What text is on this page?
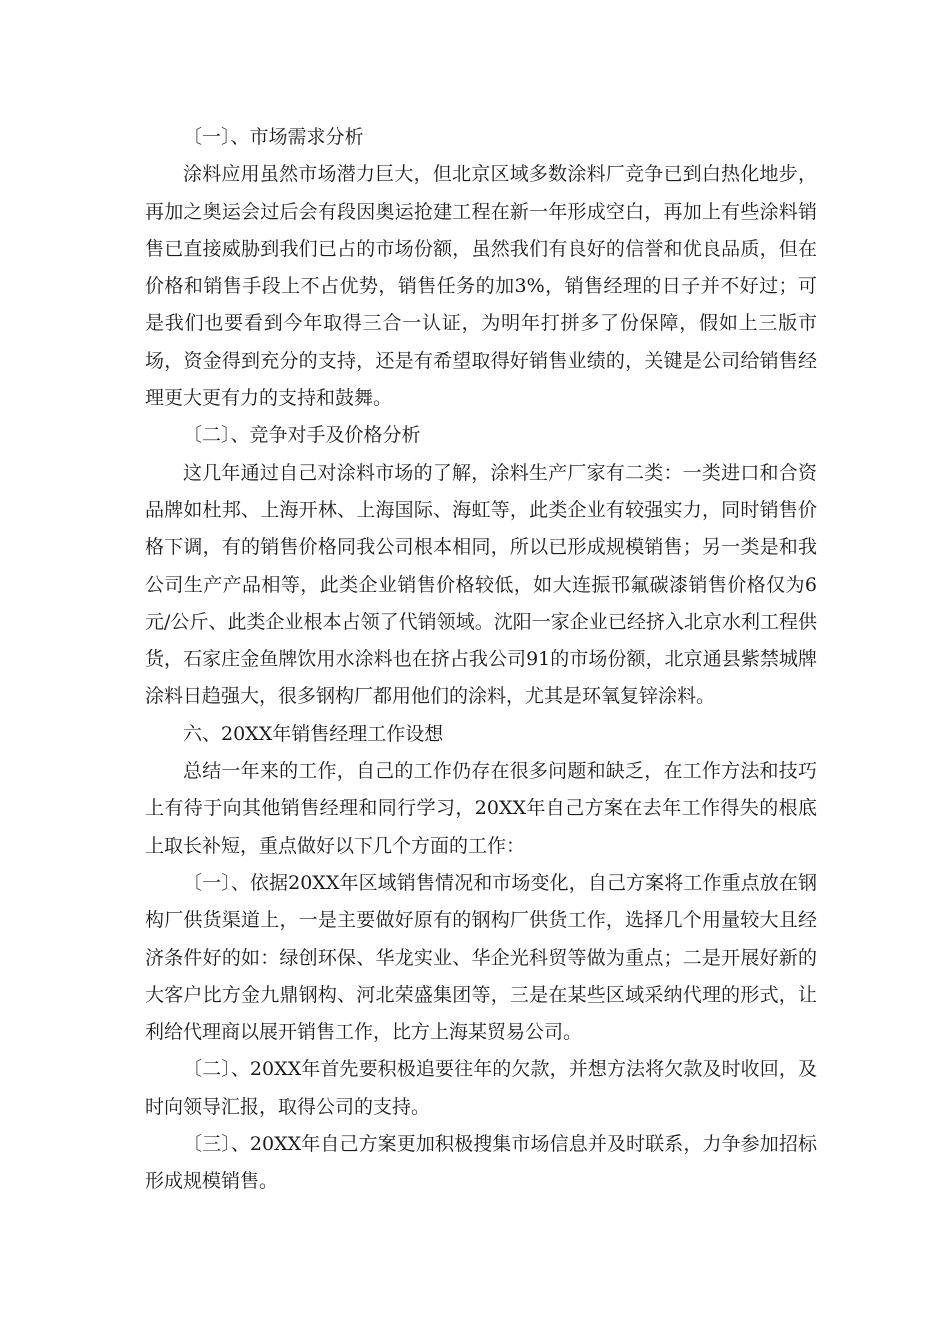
〔一〕、市场需求分析

涂料应用虽然市场潜力巨大，但北京区域多数涂料厂竞争已到白热化地步，再加之奥运会过后会有段因奥运抢建工程在新一年形成空白，再加上有些涂料销售已直接威胁到我们已占的市场份额，虽然我们有良好的信誉和优良品质，但在价格和销售手段上不占优势，销售任务的加3%，销售经理的日子并不好过；可是我们也要看到今年取得三合一认证，为明年打拼多了份保障，假如上三版市场，资金得到充分的支持，还是有希望取得好销售业绩的，关键是公司给销售经理更大更有力的支持和鼓舞。

〔二〕、竞争对手及价格分析

这几年通过自己对涂料市场的了解，涂料生产厂家有二类：一类进口和合资品牌如杜邦、上海开林、上海国际、海虹等，此类企业有较强实力，同时销售价格下调，有的销售价格同我公司根本相同，所以已形成规模销售；另一类是和我公司生产产品相等，此类企业销售价格较低，如大连振邗氟碳漆销售价格仅为6元/公斤、此类企业根本占领了代销领域。沈阳一家企业已经挤入北京水利工程供货，石家庄金鱼牌饮用水涂料也在挤占我公司91的市场份额，北京通县紫禁城牌涂料日趋强大，很多钢构厂都用他们的涂料，尤其是环氧复锌涂料。

六、20XX年销售经理工作设想

总结一年来的工作，自己的工作仍存在很多问题和缺乏，在工作方法和技巧上有待于向其他销售经理和同行学习，20XX年自己方案在去年工作得失的根底上取长补短，重点做好以下几个方面的工作：

〔一〕、依据20XX年区域销售情况和市场变化，自己方案将工作重点放在钢构厂供货渠道上，一是主要做好原有的钢构厂供货工作，选择几个用量较大且经济条件好的如：绿创环保、华龙实业、华企光科贸等做为重点；二是开展好新的大客户比方金九鼎钢构、河北荣盛集团等，三是在某些区域采纳代理的形式，让利给代理商以展开销售工作，比方上海某贸易公司。

〔二〕、20XX年首先要积极追要往年的欠款，并想方法将欠款及时收回，及时向领导汇报，取得公司的支持。

〔三〕、20XX年自己方案更加积极搜集市场信息并及时联系，力争参加招标形成规模销售。
